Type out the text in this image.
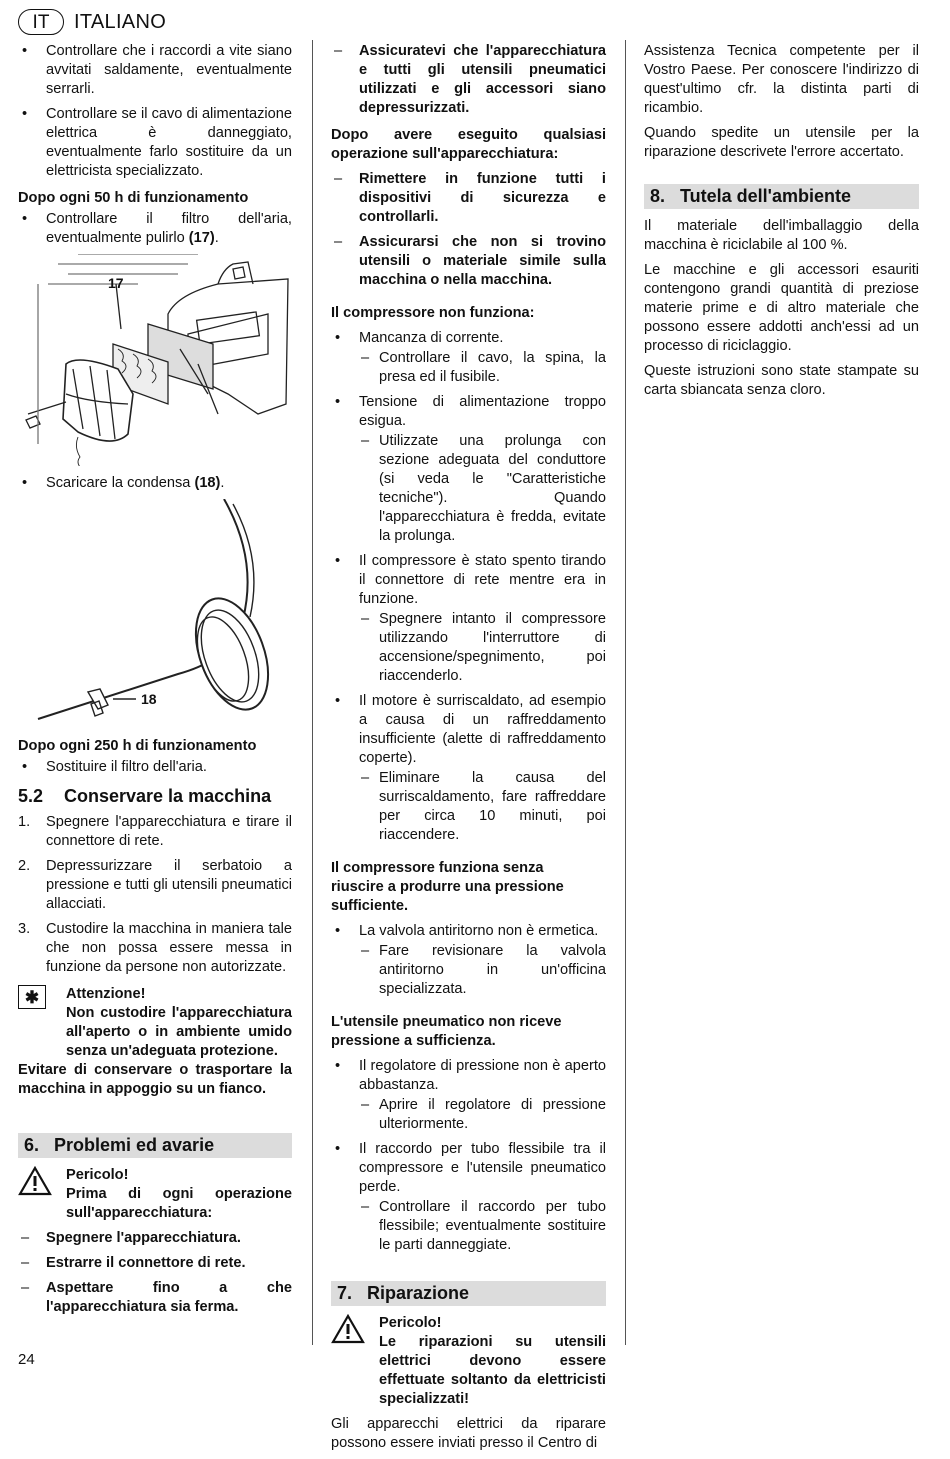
IT	ITALIANO
• Controllare che i raccordi a vite siano avvitati saldamente, eventualmente serrarli.
• Controllare se il cavo di alimentazione elettrica è danneggiato, eventualmente farlo sostituire da un elettricista specializzato.

Dopo ogni 50 h di funzionamento

• Controllare il filtro dell'aria, eventualmente pulirlo (17).
17
• Scaricare la condensa (18).
18

Dopo ogni 250 h di funzionamento

• Sostituire il filtro dell'aria.
5.2 Conservare la macchina
1. Spegnere l'apparecchiatura e tirare il connettore di rete.
2. Depressurizzare il serbatoio a pressione e tutti gli utensili pneumatici allacciati.
3. Custodire la macchina in maniera tale che non possa essere messa in funzione da persone non autorizzate.
✱	Attenzione!
Non custodire l'apparecchiatura all'aperto o in ambiente umido senza un'adeguata protezione.
Evitare di conservare o trasportare la macchina in appoggio su un fianco.
6. Problemi ed avarie
Pericolo!
Prima di ogni operazione sull'apparecchiatura:
– Spegnere l'apparecchiatura.
– Estrarre il connettore di rete.
– Aspettare fino a che l'apparecchiatura sia ferma.
– Assicuratevi che l'apparecchiatura e tutti gli utensili pneumatici utilizzati e gli accessori siano depressurizzati.

Dopo avere eseguito qualsiasi operazione sull'apparecchiatura:

– Rimettere in funzione tutti i dispositivi di sicurezza e controllarli.
– Assicurarsi che non si trovino utensili o materiale simile sulla macchina o nella macchina.

Il compressore non funziona:

• Mancanza di corrente.
– Controllare il cavo, la spina, la presa ed il fusibile.
• Tensione di alimentazione troppo esigua.
– Utilizzate una prolunga con sezione adeguata del conduttore (si veda le "Caratteristiche tecniche"). Quando l'apparecchiatura è fredda, evitate la prolunga.
• Il compressore è stato spento tirando il connettore di rete mentre era in funzione.
– Spegnere intanto il compressore utilizzando l'interruttore di accensione/spegnimento, poi riaccenderlo.
• Il motore è surriscaldato, ad esempio a causa di un raffreddamento insufficiente (alette di raffreddamento coperte).
– Eliminare la causa del surriscaldamento, fare raffreddare per circa 10 minuti, poi riaccendere.

Il compressore funziona senza riuscire a produrre una pressione sufficiente.

• La valvola antiritorno non è ermetica.
– Fare revisionare la valvola antiritorno in un'officina specializzata.

L'utensile pneumatico non riceve pressione a sufficienza.

• Il regolatore di pressione non è aperto abbastanza.
– Aprire il regolatore di pressione ulteriormente.
• Il raccordo per tubo flessibile tra il compressore e l'utensile pneumatico perde.
– Controllare il raccordo per tubo flessibile; eventualmente sostituire le parti danneggiate.
7. Riparazione
Pericolo!
Le riparazioni su utensili elettrici devono essere effettuate soltanto da elettricisti specializzati!

Gli apparecchi elettrici da riparare possono essere inviati presso il Centro di

Assistenza Tecnica competente per il Vostro Paese. Per conoscere l'indirizzo di quest'ultimo cfr. la distinta parti di ricambio.

Quando spedite un utensile per la riparazione descrivete l'errore accertato.

8. Tutela dell'ambiente

Il materiale dell'imballaggio della macchina è riciclabile al 100 %.

Le macchine e gli accessori esauriti contengono grandi quantità di preziose materie prime e di altro materiale che possono essere addotti anch'essi ad un processo di riciclaggio.

Queste istruzioni sono state stampate su carta sbiancata senza cloro.

24
